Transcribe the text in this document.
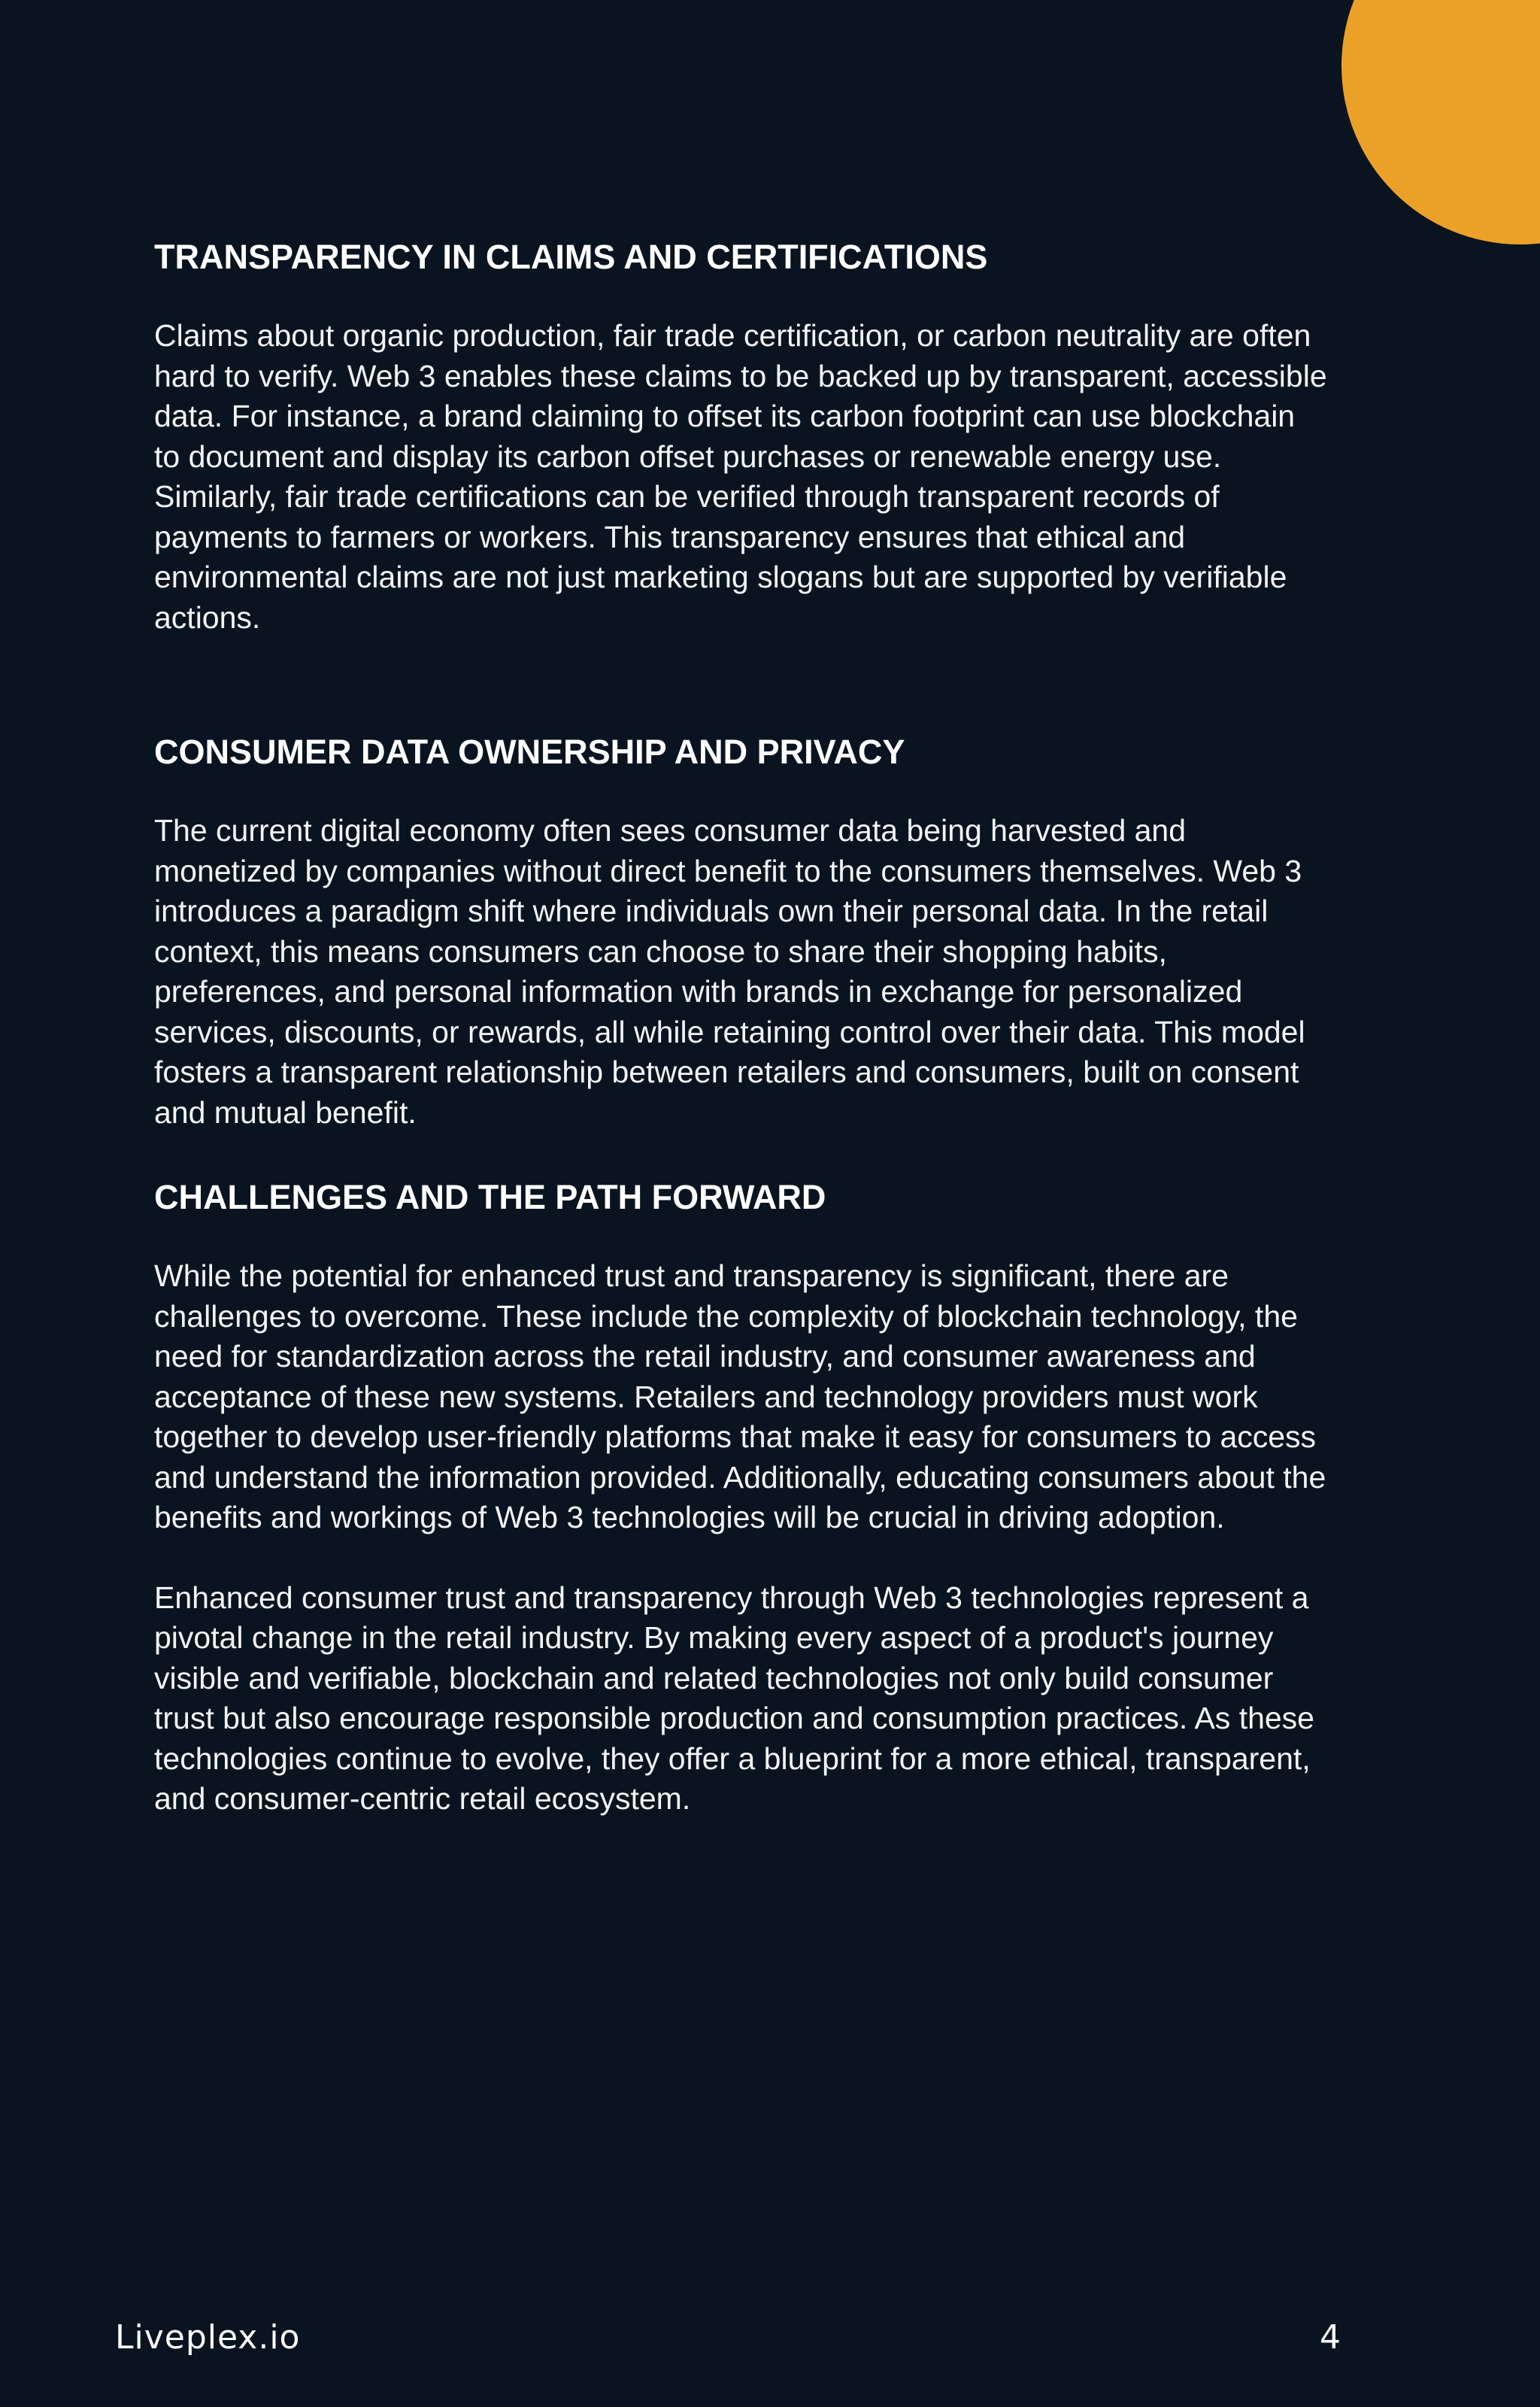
TRANSPARENCY IN CLAIMS AND CERTIFICATIONS

Claims about organic production, fair trade certification, or carbon neutrality are often hard to verify. Web 3 enables these claims to be backed up by transparent, accessible data. For instance, a brand claiming to offset its carbon footprint can use blockchain to document and display its carbon offset purchases or renewable energy use. Similarly, fair trade certifications can be verified through transparent records of payments to farmers or workers. This transparency ensures that ethical and environmental claims are not just marketing slogans but are supported by verifiable actions.

CONSUMER DATA OWNERSHIP AND PRIVACY

The current digital economy often sees consumer data being harvested and monetized by companies without direct benefit to the consumers themselves. Web 3 introduces a paradigm shift where individuals own their personal data. In the retail context, this means consumers can choose to share their shopping habits, preferences, and personal information with brands in exchange for personalized services, discounts, or rewards, all while retaining control over their data. This model fosters a transparent relationship between retailers and consumers, built on consent and mutual benefit.

CHALLENGES AND THE PATH FORWARD

While the potential for enhanced trust and transparency is significant, there are challenges to overcome. These include the complexity of blockchain technology, the need for standardization across the retail industry, and consumer awareness and acceptance of these new systems. Retailers and technology providers must work together to develop user-friendly platforms that make it easy for consumers to access and understand the information provided. Additionally, educating consumers about the benefits and workings of Web 3 technologies will be crucial in driving adoption.

Enhanced consumer trust and transparency through Web 3 technologies represent a pivotal change in the retail industry. By making every aspect of a product's journey visible and verifiable, blockchain and related technologies not only build consumer trust but also encourage responsible production and consumption practices. As these technologies continue to evolve, they offer a blueprint for a more ethical, transparent, and consumer-centric retail ecosystem.

Liveplex.io	4
